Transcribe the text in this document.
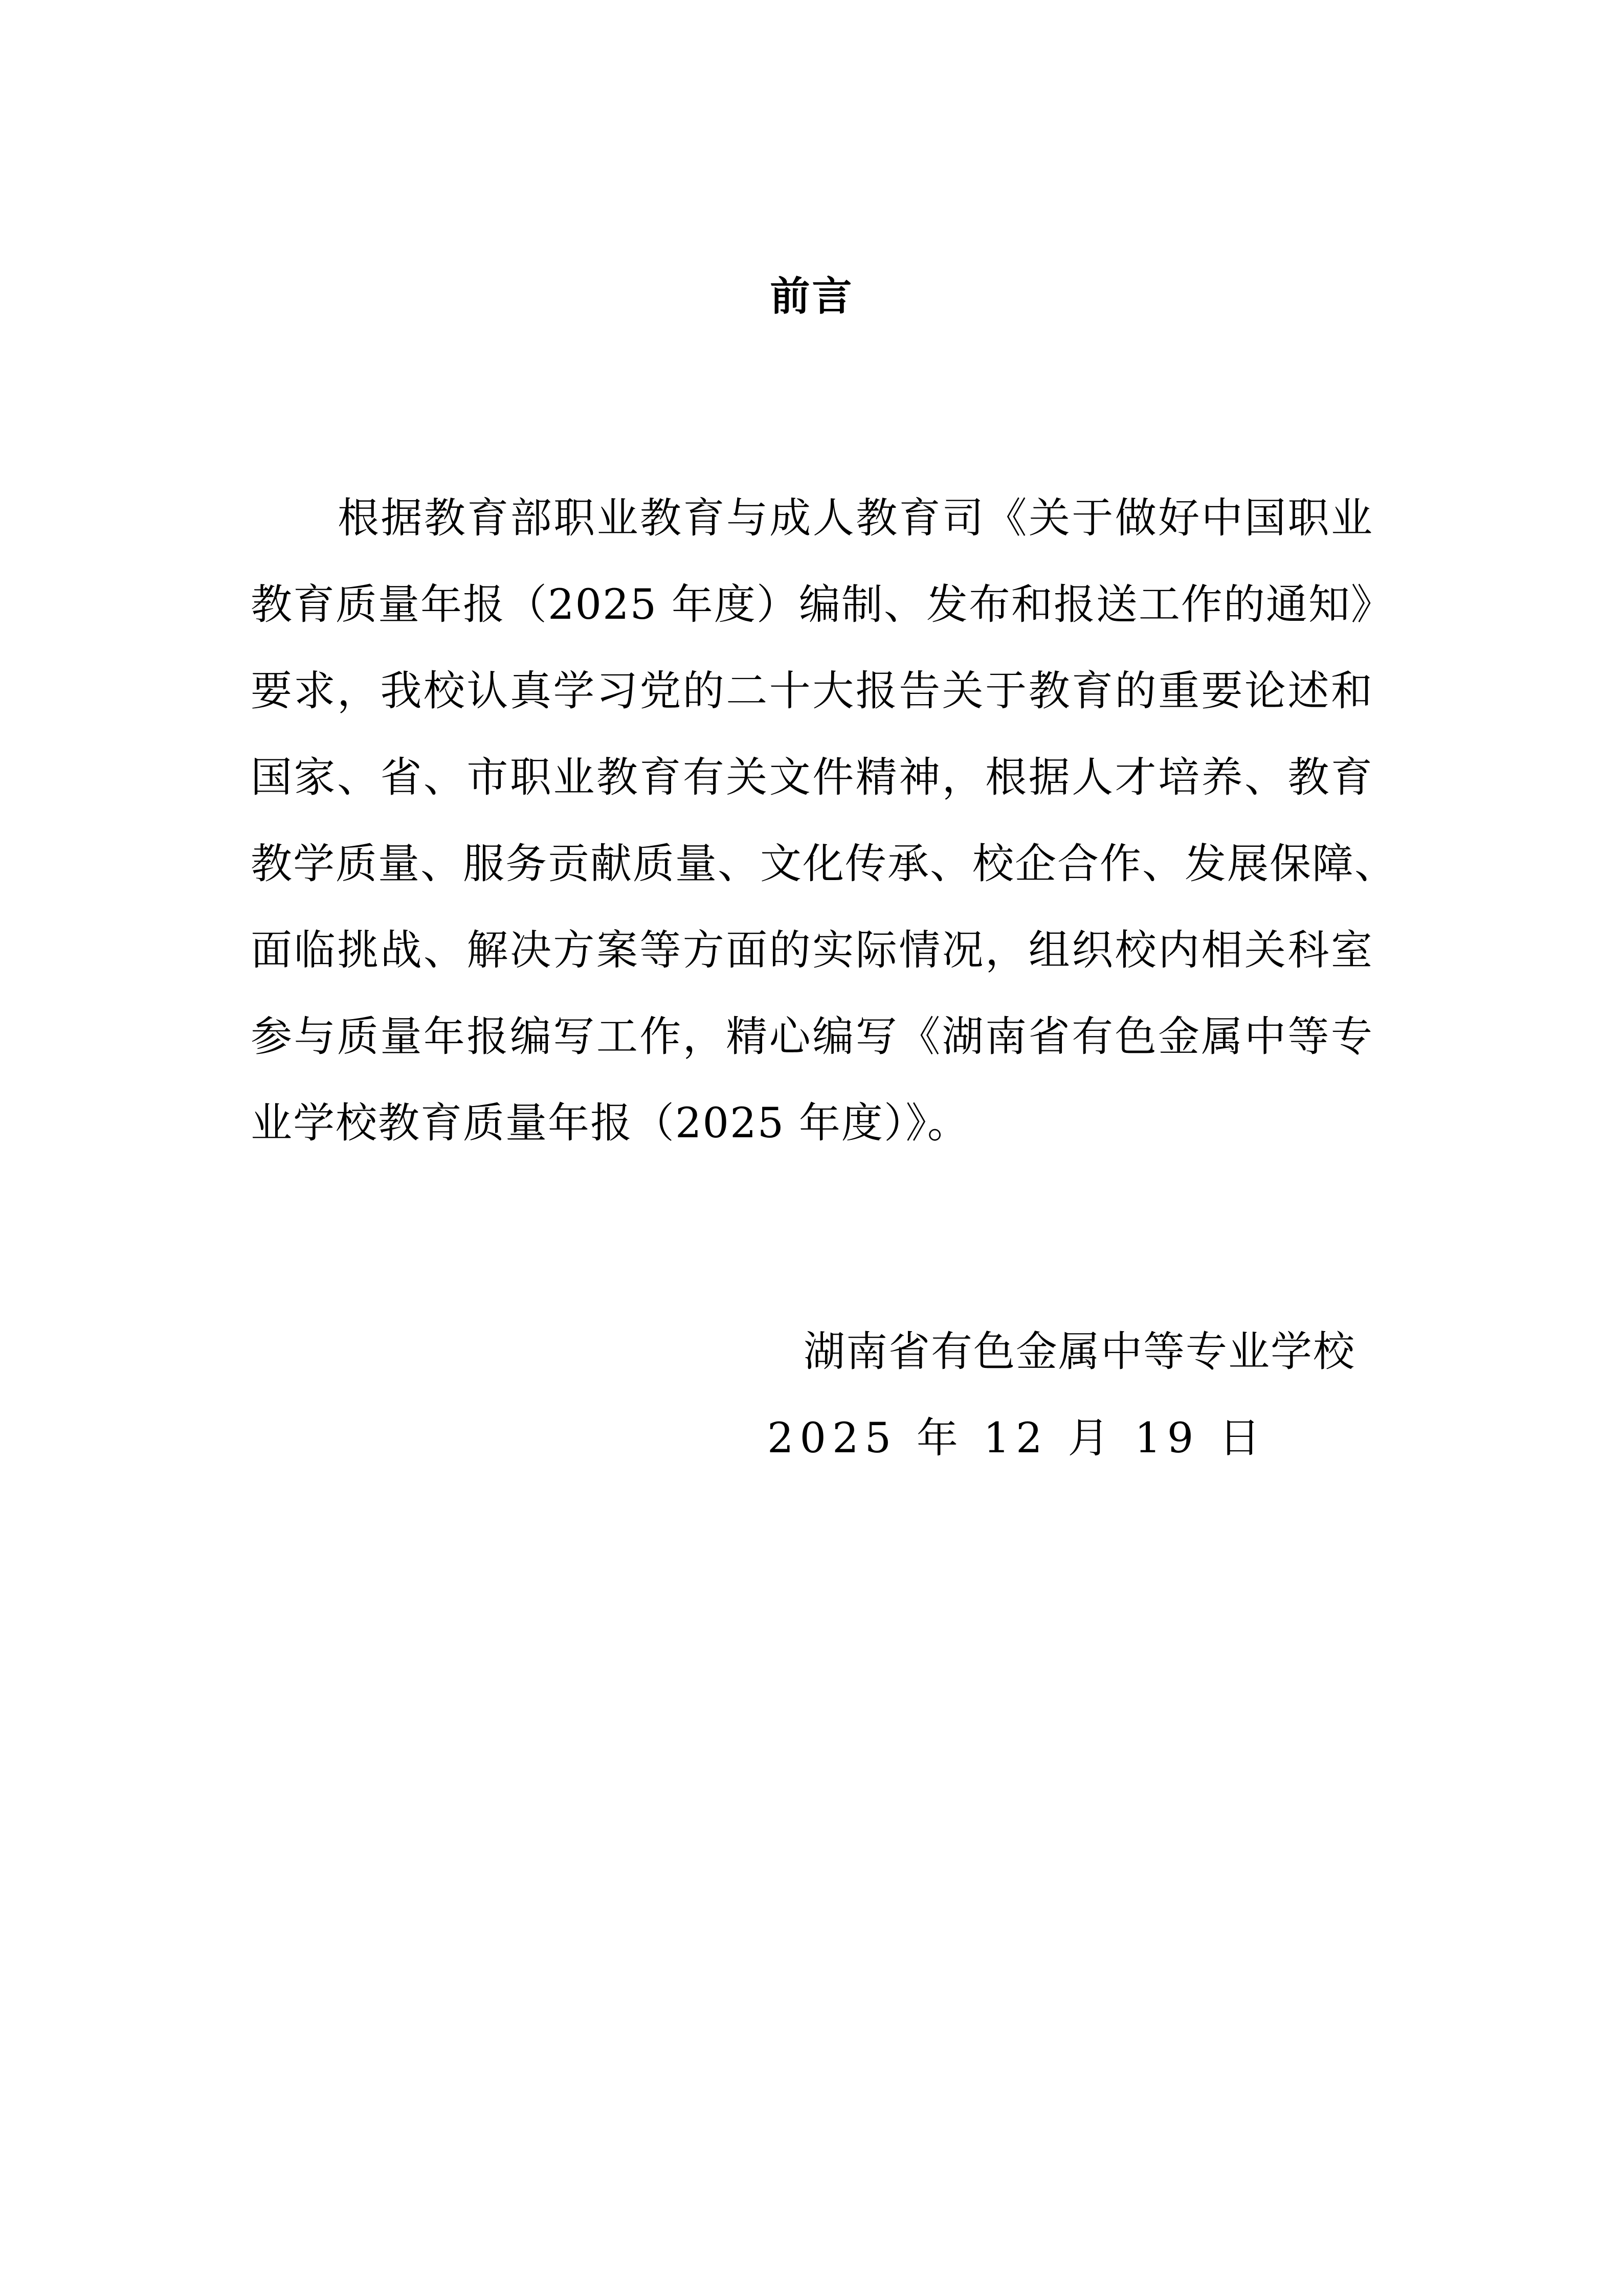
前言
根据教育部职业教育与成人教育司《关于做好中国职业
教育质量年报（2025 年度）编制、发布和报送工作的通知》
要求，我校认真学习党的二十大报告关于教育的重要论述和
国家、省、市职业教育有关文件精神，根据人才培养、教育
教学质量、服务贡献质量、文化传承、校企合作、发展保障、
面临挑战、解决方案等方面的实际情况，组织校内相关科室
参与质量年报编写工作，精心编写《湖南省有色金属中等专
业学校教育质量年报（2025 年度）》。
湖南省有色金属中等专业学校
2025 年 12 月 19 日
